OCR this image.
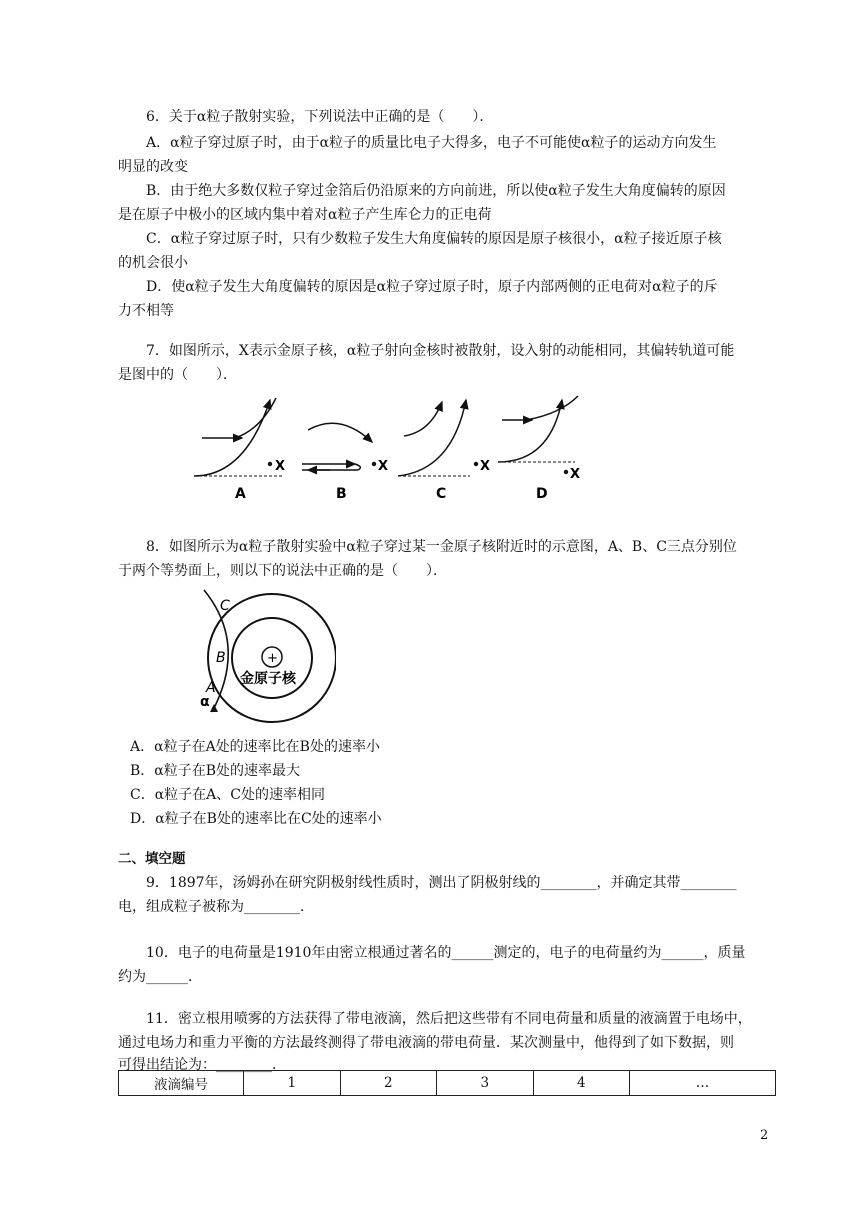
6．关于α粒子散射实验，下列说法中正确的是（　　）．

A．α粒子穿过原子时，由于α粒子的质量比电子大得多，电子不可能使α粒子的运动方向发生

明显的改变

B．由于绝大多数仅粒子穿过金箔后仍沿原来的方向前进，所以使α粒子发生大角度偏转的原因

是在原子中极小的区域内集中着对α粒子产生库仑力的正电荷

C．α粒子穿过原子时，只有少数粒子发生大角度偏转的原因是原子核很小，α粒子接近原子核

的机会很小

D．使α粒子发生大角度偏转的原因是α粒子穿过原子时，原子内部两侧的正电荷对α粒子的斥

力不相等

7．如图所示，X表示金原子核，α粒子射向金核时被散射，设入射的动能相同，其偏转轨道可能

是图中的（　　）．

X
A
X
B
X
C
X
D

8．如图所示为α粒子散射实验中α粒子穿过某一金原子核附近时的示意图，A、B、C三点分别位

于两个等势面上，则以下的说法中正确的是（　　）．

+
金原子核
C
B
A
α

A．α粒子在A处的速率比在B处的速率小

B．α粒子在B处的速率最大

C．α粒子在A、C处的速率相同

D．α粒子在B处的速率比在C处的速率小

二、填空题

9．1897年，汤姆孙在研究阴极射线性质时，测出了阴极射线的________，并确定其带________

电，组成粒子被称为________．

10．电子的电荷量是1910年由密立根通过著名的______测定的，电子的电荷量约为______，质量

约为______．

11．密立根用喷雾的方法获得了带电液滴，然后把这些带有不同电荷量和质量的液滴置于电场中，

通过电场力和重力平衡的方法最终测得了带电液滴的带电荷量．某次测量中，他得到了如下数据，则

可得出结论为：________．

液滴编号	1	2	3	4	…
2
